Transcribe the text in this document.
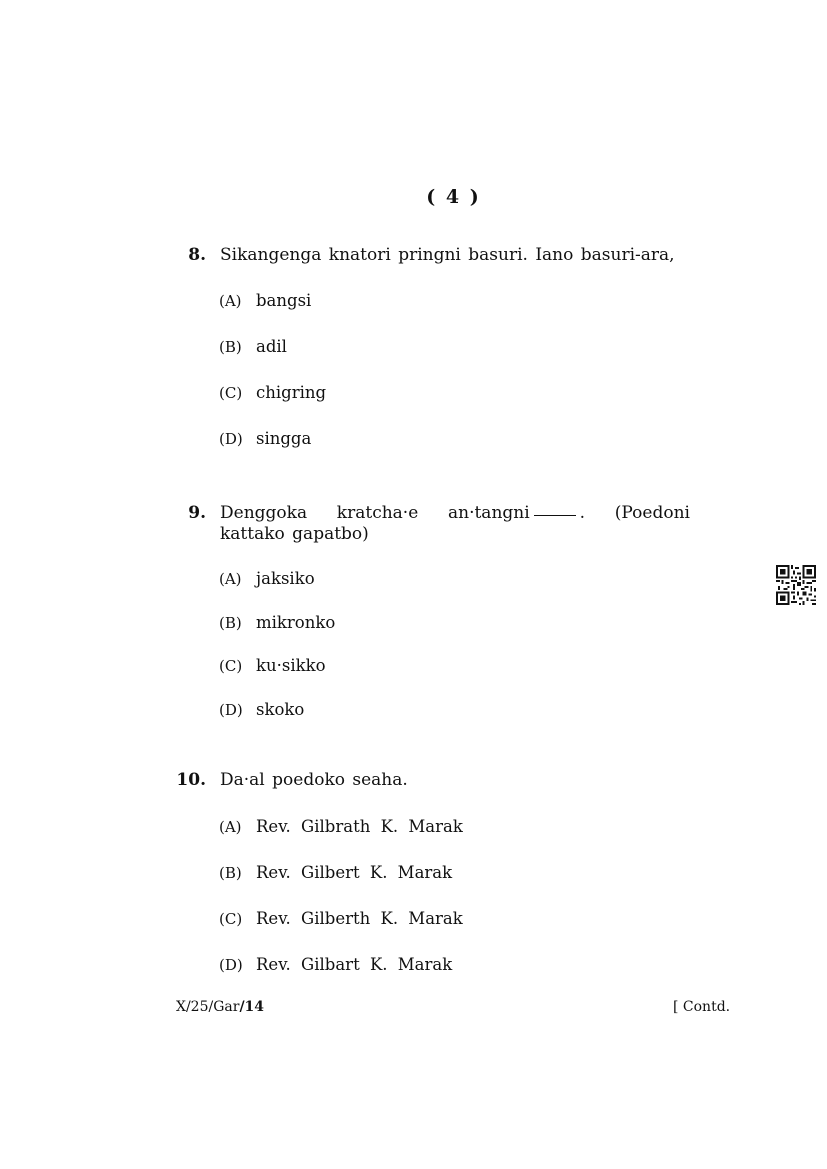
( 4 )
8. Sikangenga knatori pringni basuri. Iano basuri-ara,
(A) bangsi
(B) adil
(C) chigring
(D) singga
9. Denggoka kratcha·e an·tangni	. (Poedoni kattako gapatbo)
(A) jaksiko
(B) mikronko
(C) ku·sikko
(D) skoko
10. Da·al poedoko seaha.
(A) Rev. Gilbrath K. Marak
(B) Rev. Gilbert K. Marak
(C) Rev. Gilberth K. Marak
(D) Rev. Gilbart K. Marak
X/25/Gar/14	[ Contd.
